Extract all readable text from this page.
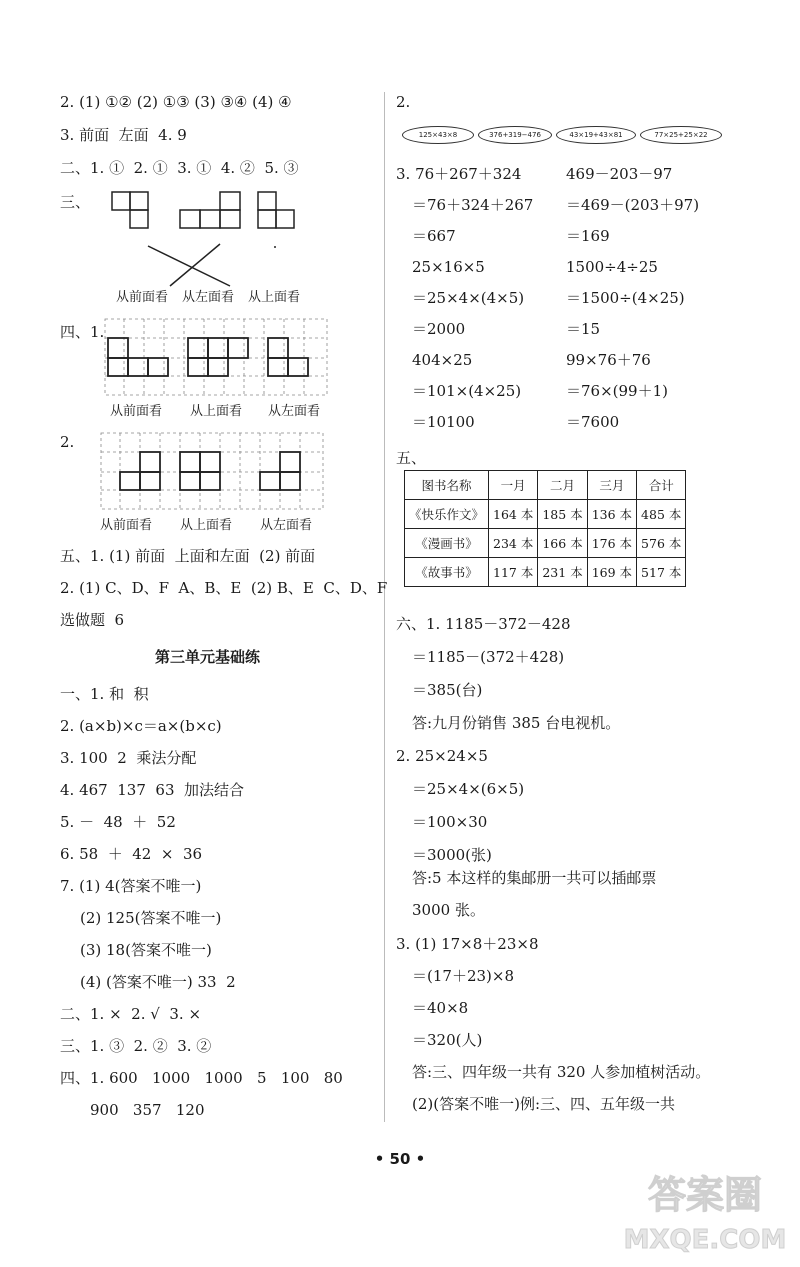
2. (1) ①② (2) ①③ (3) ③④ (4) ④
3. 前面  左面  4. 9
二、1. ①  2. ①  3. ①  4. ②  5. ③
三、
从前面看 从左面看 从上面看
四、1.
从前面看 从上面看 从左面看
2.
从前面看 从上面看 从左面看
五、1. (1) 前面  上面和左面  (2) 前面
2. (1) C、D、F  A、B、E  (2) B、E  C、D、F
选做题  6
第三单元基础练
一、1. 和  积
2. (a×b)×c＝a×(b×c)
3. 100  2  乘法分配
4. 467  137  63  加法结合
5. －  48  ＋  52
6. 58  ＋  42  ×  36
7. (1) 4(答案不唯一)
(2) 125(答案不唯一)
(3) 18(答案不唯一)
(4) (答案不唯一) 33  2
二、1. ×  2. √  3. ×
三、1. ③  2. ②  3. ②
四、1. 600   1000   1000   5   100   80
900   357   120
2.
125×43×8	376+319−476	43×19+43×81	77×25+25×22
3. 76＋267＋324	469－203－97
＝76＋324＋267 ＝469－(203＋97)
＝667	＝169
25×16×5	1500÷4÷25
＝25×4×(4×5)	＝1500÷(4×25)
＝2000	＝15
404×25	99×76＋76
＝101×(4×25)	＝76×(99＋1)
＝10100	＝7600
五、
图书名称	一月	二月	三月	合计
《快乐作文》	164 本	185 本	136 本	485 本
《漫画书》	234 本	166 本	176 本	576 本
《故事书》	117 本	231 本	169 本	517 本
六、1. 1185－372－428
＝1185－(372＋428)
＝385(台)
答:九月份销售 385 台电视机。
2. 25×24×5
＝25×4×(6×5)
＝100×30
＝3000(张)
答:5 本这样的集邮册一共可以插邮票
3000 张。
3. (1) 17×8＋23×8
＝(17＋23)×8
＝40×8
＝320(人)
答:三、四年级一共有 320 人参加植树活动。
(2)(答案不唯一)例:三、四、五年级一共
• 50 •
答案圈
MXQE.COM
